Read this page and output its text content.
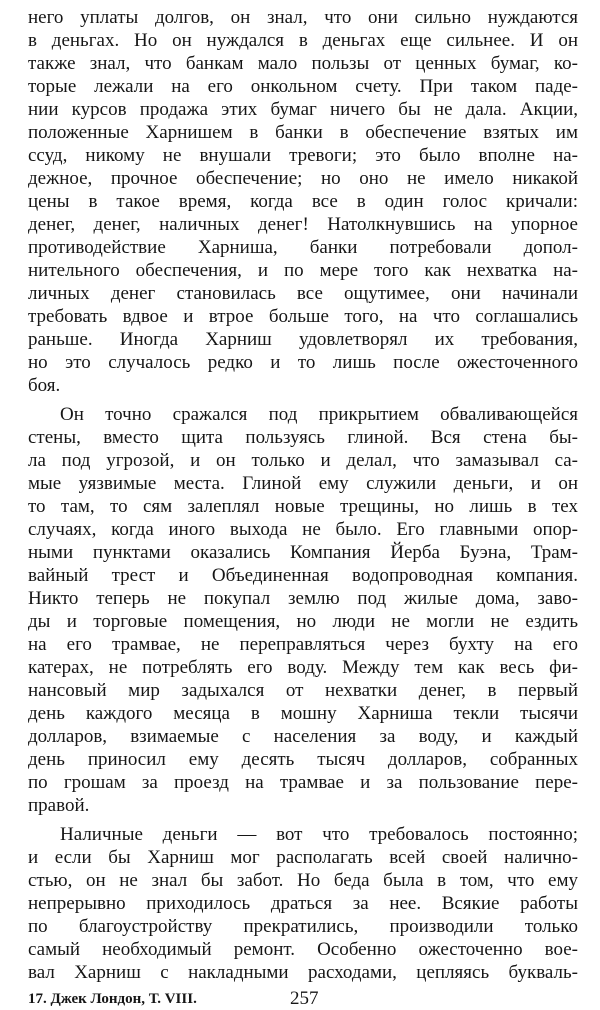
него уплаты долгов, он знал, что они сильно нуждаются
в деньгах. Но он нуждался в деньгах еще сильнее. И он
также знал, что банкам мало пользы от ценных бумаг, ко-
торые лежали на его онкольном счету. При таком паде-
нии курсов продажа этих бумаг ничего бы не дала. Акции,
положенные Харнишем в банки в обеспечение взятых им
ссуд, никому не внушали тревоги; это было вполне на-
дежное, прочное обеспечение; но оно не имело никакой
цены в такое время, когда все в один голос кричали:
денег, денег, наличных денег! Натолкнувшись на упорное
противодействие Харниша, банки потребовали допол-
нительного обеспечения, и по мере того как нехватка на-
личных денег становилась все ощутимее, они начинали
требовать вдвое и втрое больше того, на что соглашались
раньше. Иногда Харниш удовлетворял их требования,
но это случалось редко и то лишь после ожесточенного
боя.
Он точно сражался под прикрытием обваливающейся
стены, вместо щита пользуясь глиной. Вся стена бы-
ла под угрозой, и он только и делал, что замазывал са-
мые уязвимые места. Глиной ему служили деньги, и он
то там, то сям залеплял новые трещины, но лишь в тех
случаях, когда иного выхода не было. Его главными опор-
ными пунктами оказались Компания Йерба Буэна, Трам-
вайный трест и Объединенная водопроводная компания.
Никто теперь не покупал землю под жилые дома, заво-
ды и торговые помещения, но люди не могли не ездить
на его трамвае, не переправляться через бухту на его
катерах, не потреблять его воду. Между тем как весь фи-
нансовый мир задыхался от нехватки денег, в первый
день каждого месяца в мошну Харниша текли тысячи
долларов, взимаемые с населения за воду, и каждый
день приносил ему десять тысяч долларов, собранных
по грошам за проезд на трамвае и за пользование пере-
правой.
Наличные деньги — вот что требовалось постоянно;
и если бы Харниш мог располагать всей своей налично-
стью, он не знал бы забот. Но беда была в том, что ему
непрерывно приходилось драться за нее. Всякие работы
по благоустройству прекратились, производили только
самый необходимый ремонт. Особенно ожесточенно вое-
вал Харниш с накладными расходами, цепляясь букваль-
17. Джек Лондон, Т. VIII.	257
